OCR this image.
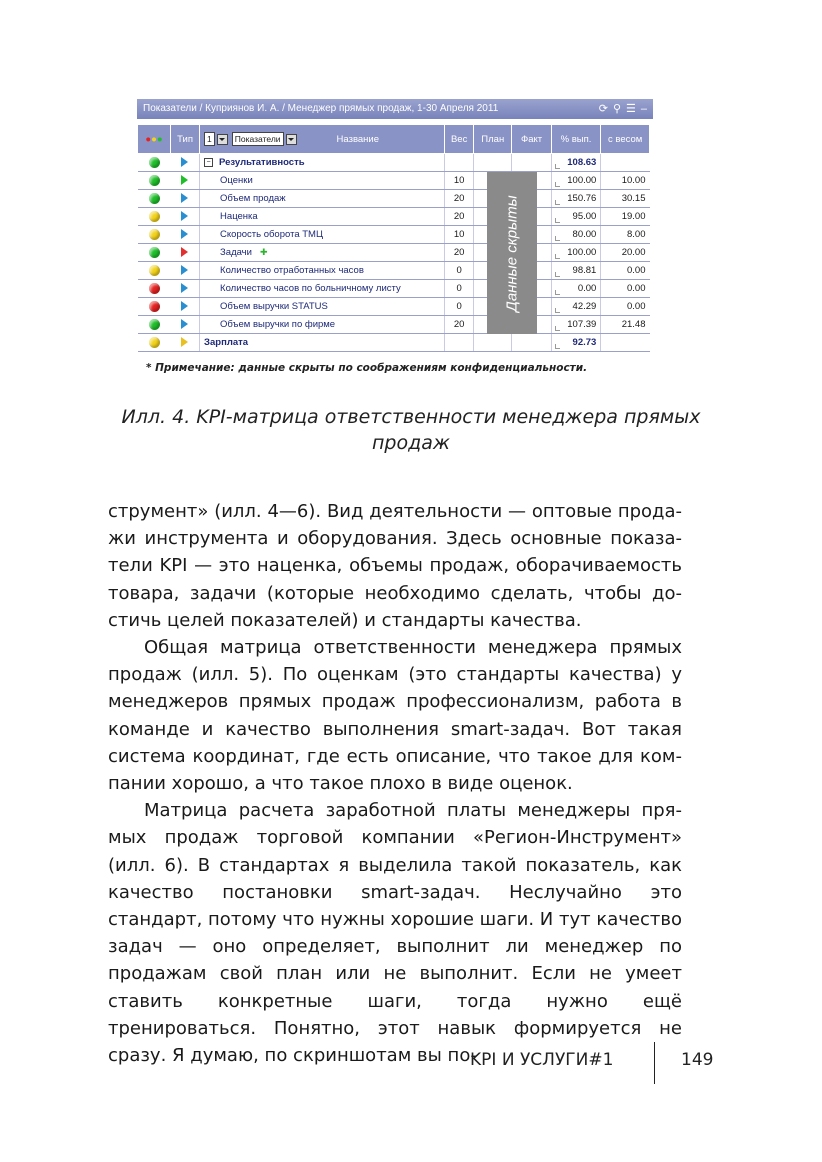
Показатели / Куприянов И. А. / Менеджер прямых продаж, 1-30 Апреля 2011	⟳ ⚲ ☰ ‒
●●●	Тип	1 Показатели Название	Вес	План	Факт	% вып.	с весом
		− Результативность				108.63	
		Оценки	10			100.00	10.00
		Объем продаж	20			150.76	30.15
		Наценка	20			95.00	19.00
		Скорость оборота ТМЦ	10			80.00	8.00
		Задачи ✚	20			100.00	20.00
		Количество отработанных часов	0			98.81	0.00
		Количество часов по больничному листу	0			0.00	0.00
		Объем выручки STATUS	0			42.29	0.00
		Объем выручки по фирме	20			107.39	21.48
		Зарплата				92.73	
Данные скрыты
* Примечание: данные скрыты по соображениям конфиденциальности.
Илл. 4. KPI-матрица ответственности менеджера прямых продаж

струмент» (илл. 4—6). Вид деятельности — оптовые продажи инструмента и оборудования. Здесь основные показатели KPI — это наценка, объемы продаж, оборачиваемость товара, задачи (которые необходимо сделать, чтобы достичь целей показателей) и стандарты качества.

Общая матрица ответственности менеджера прямых продаж (илл. 5). По оценкам (это стандарты качества) у менеджеров прямых продаж профессионализм, работа в команде и качество выполнения smart-задач. Вот такая система координат, где есть описание, что такое для компании хорошо, а что такое плохо в виде оценок.

Матрица расчета заработной платы менеджеры прямых продаж торговой компании «Регион-Инструмент» (илл. 6). В стандартах я выделила такой показатель, как качество постановки smart-задач. Неслучайно это стандарт, потому что нужны хорошие шаги. И тут качество задач — оно определяет, выполнит ли менеджер по продажам свой план или не выполнит. Если не умеет ставить конкретные шаги, тогда нужно ещё тренироваться. Понятно, этот навык формируется не сразу. Я думаю, по скриншотам вы по-

KPI И УСЛУГИ#1	149
